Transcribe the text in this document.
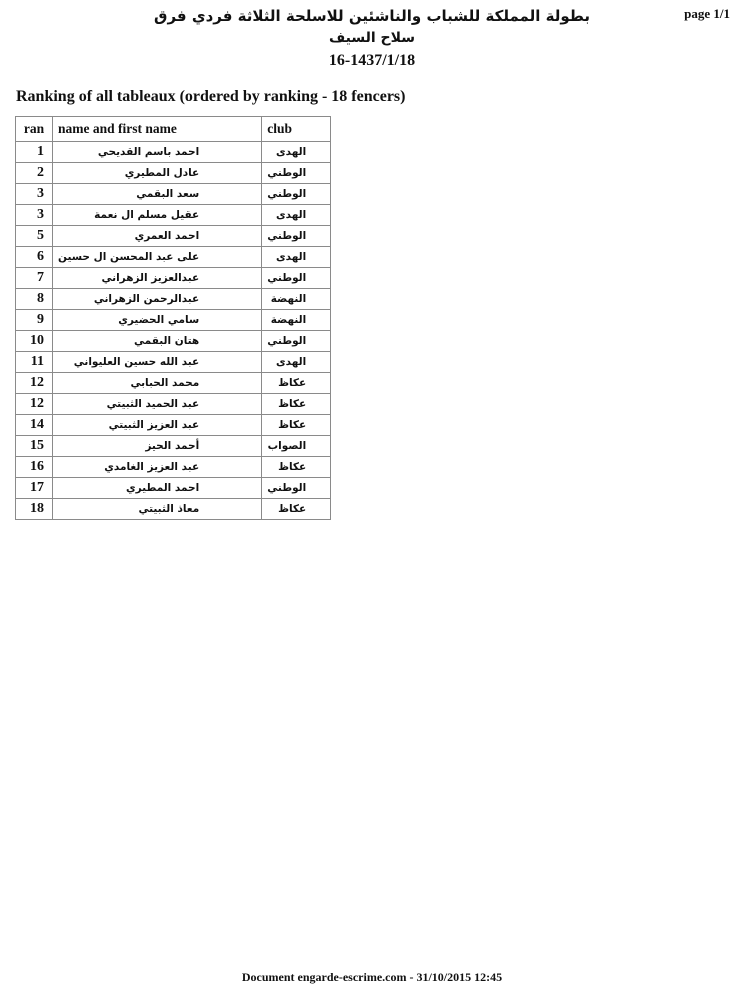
بطولة المملكة للشباب والناشئين للاسلحة الثلاثة فردي فرق
سلاح السيف
16-1437/1/18
page 1/1
Ranking of all tableaux (ordered by ranking - 18 fencers)
ran	name and first name	club
1	احمد باسم القديحي	الهدى
2	عادل المطيري	الوطني
3	سعد البقمي	الوطني
3	عقيل مسلم ال نعمة	الهدى
5	احمد العمري	الوطني
6	على عبد المحسن ال حسين	الهدى
7	عبدالعزيز الزهراني	الوطني
8	عبدالرحمن الزهراني	النهضة
9	سامي الحضيري	النهضة
10	هتان البقمي	الوطني
11	عبد الله حسين العليواني	الهدى
12	محمد الحبابي	عكاظ
12	عبد الحميد الثبيتي	عكاظ
14	عبد العزيز الثبيتي	عكاظ
15	أحمد الحيز	الصواب
16	عبد العزيز الغامدي	عكاظ
17	احمد المطيري	الوطني
18	معاذ الثبيتي	عكاظ
Document engarde-escrime.com - 31/10/2015 12:45
